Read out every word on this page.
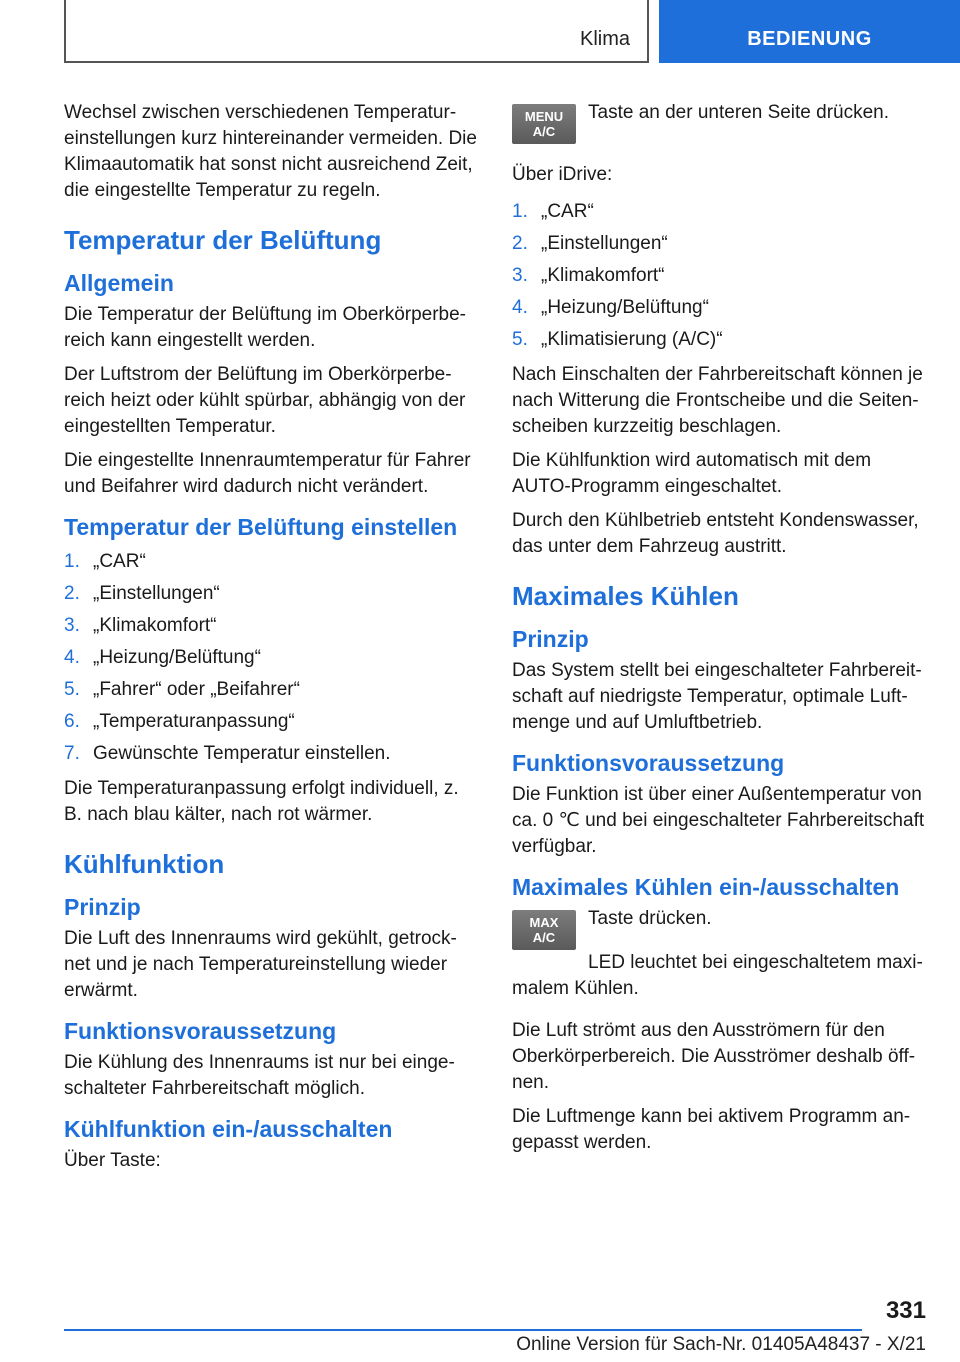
Klima	BEDIENUNG

Wechsel zwischen verschiedenen Temperatur-einstellungen kurz hintereinander vermeiden. Die Klimaautomatik hat sonst nicht ausreichend Zeit, die eingestellte Temperatur zu regeln.

Temperatur der Belüftung
Allgemein

Die Temperatur der Belüftung im Oberkörperbe-reich kann eingestellt werden.

Der Luftstrom der Belüftung im Oberkörperbe-reich heizt oder kühlt spürbar, abhängig von der eingestellten Temperatur.

Die eingestellte Innenraumtemperatur für Fahrer und Beifahrer wird dadurch nicht verändert.

Temperatur der Belüftung einstellen
1. „CAR“
2. „Einstellungen“
3. „Klimakomfort“
4. „Heizung/Belüftung“
5. „Fahrer“ oder „Beifahrer“
6. „Temperaturanpassung“
7. Gewünschte Temperatur einstellen.

Die Temperaturanpassung erfolgt individuell, z. B. nach blau kälter, nach rot wärmer.

Kühlfunktion
Prinzip

Die Luft des Innenraums wird gekühlt, getrock-net und je nach Temperatureinstellung wieder erwärmt.

Funktionsvoraussetzung

Die Kühlung des Innenraums ist nur bei einge-schalteter Fahrbereitschaft möglich.

Kühlfunktion ein-/ausschalten

Über Taste:

MENU
A/C

Taste an der unteren Seite drücken.

Über iDrive:

1. „CAR“
2. „Einstellungen“
3. „Klimakomfort“
4. „Heizung/Belüftung“
5. „Klimatisierung (A/C)“

Nach Einschalten der Fahrbereitschaft können je nach Witterung die Frontscheibe und die Seiten-scheiben kurzzeitig beschlagen.

Die Kühlfunktion wird automatisch mit dem AUTO-Programm eingeschaltet.

Durch den Kühlbetrieb entsteht Kondenswasser, das unter dem Fahrzeug austritt.

Maximales Kühlen
Prinzip

Das System stellt bei eingeschalteter Fahrbereit-schaft auf niedrigste Temperatur, optimale Luft-menge und auf Umluftbetrieb.

Funktionsvoraussetzung

Die Funktion ist über einer Außentemperatur von ca. 0 ℃ und bei eingeschalteter Fahrbereitschaft verfügbar.

Maximales Kühlen ein-/ausschalten
MAX
A/C

Taste drücken.

LED leuchtet bei eingeschaltetem maxi-malem Kühlen.

Die Luft strömt aus den Ausströmern für den Oberkörperbereich. Die Ausströmer deshalb öff-nen.

Die Luftmenge kann bei aktivem Programm an-gepasst werden.

331
Online Version für Sach-Nr. 01405A48437 - X/21
